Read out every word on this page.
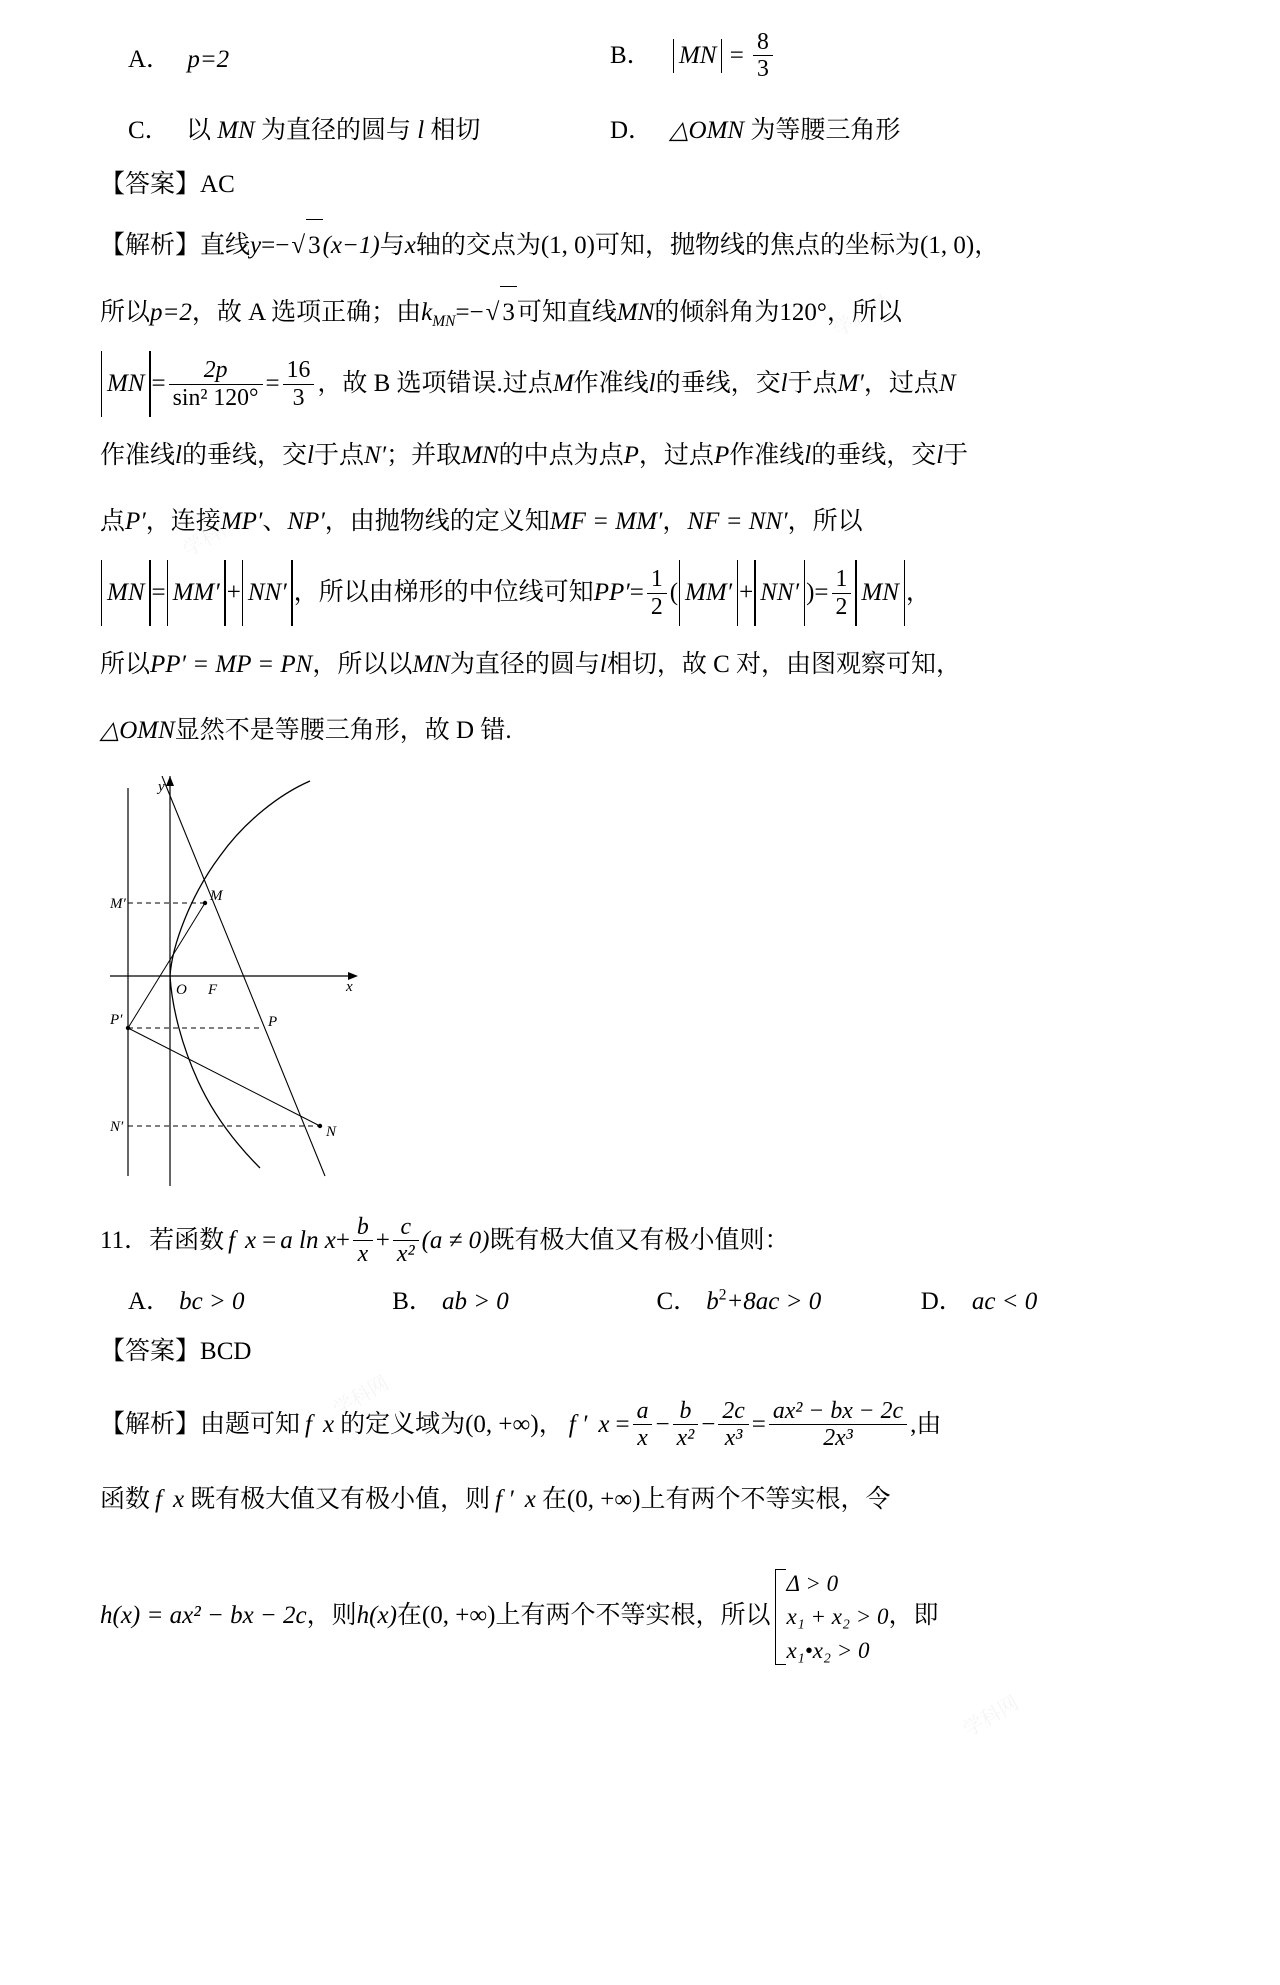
A． p=2	B． MN = $\frac{8}{3}$
C． 以 MN 为直径的圆与 l 相切	D． △OMN 为等腰三角形
【答案】AC
【解析】直线y=−√ 3(x−1)与x轴的交点为(1, 0)可知，抛物线的焦点的坐标为(1, 0)，
所以p=2，故 A 选项正确；由$k_{MN}=-√$ 3可知直线MN的倾斜角为120°，所以
MN = $\frac{2p}{\text{sin² 120°}} = \frac{16}{3}$ ，故 B 选项错误.过点M作准线l的垂线，交l于点M′，过点N
作准线l的垂线，交l于点N′；并取MN的中点为点P，过点P作准线l的垂线，交l于
点P′，连接MP′、NP′，由抛物线的定义知MF = MM′，NF = NN′，所以
MN = MM′ + NN′ ，所以由梯形的中位线可知$PP'= \frac{1}{2}$ ( MM′ + NN′ )= $\frac{1}{2}$ MN ，
所以PP′ = MP = PN，所以以MN为直径的圆与l相切，故 C 对，由图观察可知，
△OMN显然不是等腰三角形，故 D 错.
M′	M
O F	x
y
P′	P
N′	N
11．若函数 f x = a $\ln x+ \frac{b}{x} + \frac{c}{\text{x²}} (a \ne 0)$既有极大值又有极小值则：
A． bc > 0	B． ab > 0	C． $b^2+8ac > 0$	D． ac < 0
【答案】BCD
【解析】由题可知 f x 的定义域为(0, +∞)， f ′ $x = \frac{a}{x} - \frac{b}{\text{x²}} - \frac{2c}{\text{x³}} = \frac{\text{ax² − bx − 2c}}{\text{2x³}}$ ,由
函数 f x 既有极大值又有极小值，则 f ′ x 在(0, +∞)上有两个不等实根，令
h(x) = ax² − bx − 2c，则h(x)在(0, +∞)上有两个不等实根，所以
Δ > 0
x₁ + x₂ > 0
x₁•x₂ > 0
，即
